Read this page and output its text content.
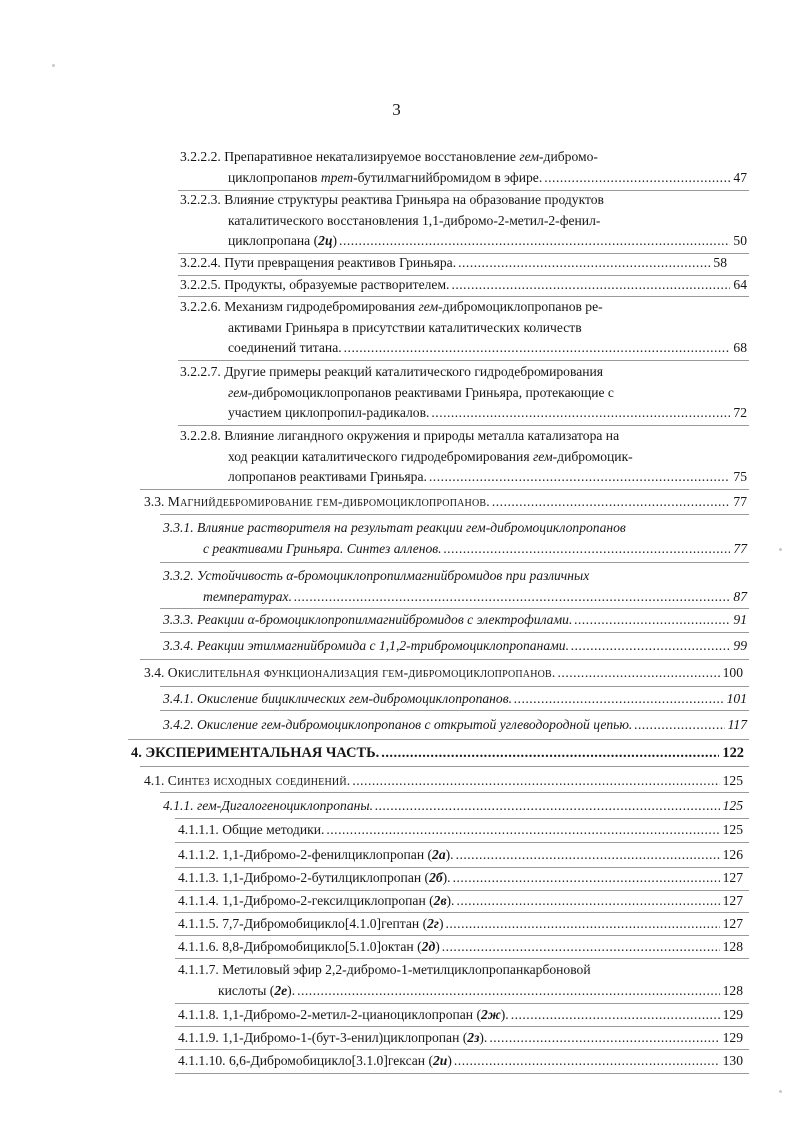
3
3.2.2.2. Препаративное некатализируемое восстановление гем-дибромо-
циклопропанов трет-бутилмагнийбромидом в эфире. .....	47
3.2.2.3. Влияние структуры реактива Гриньяра на образование продуктов
каталитического восстановления 1,1-дибромо-2-метил-2-фенил-
циклопропана (2ц) .....	50
3.2.2.4. Пути превращения реактивов Гриньяра. .....	58
3.2.2.5. Продукты, образуемые растворителем. .....	64
3.2.2.6. Механизм гидродебромирования гем-дибромоциклопропанов ре-
активами Гриньяра в присутствии каталитических количеств
соединений титана. .....	68
3.2.2.7. Другие примеры реакций каталитического гидродебромирования
гем-дибромоциклопропанов реактивами Гриньяра, протекающие с
участием циклопропил-радикалов. .....	72
3.2.2.8. Влияние лигандного окружения и природы металла катализатора на
ход реакции каталитического гидродебромирования гем-дибромоцик-
лопропанов реактивами Гриньяра. .....	75
3.3. Магнийдебромирование гем-дибромоциклопропанов. .....	77
3.3.1. Влияние растворителя на результат реакции гем-дибромоциклопропанов
с реактивами Гриньяра. Синтез алленов. .....	77
3.3.2. Устойчивость α-бромоциклопропилмагнийбромидов при различных
температурах. .....	87
3.3.3. Реакции α-бромоциклопропилмагнийбромидов с электрофилами. .....	91
3.3.4. Реакции этилмагнийбромида с 1,1,2-трибромоциклопропанами. .....	99
3.4. Окислительная функционализация гем-дибромоциклопропанов. .....	100
3.4.1. Окисление бициклических гем-дибромоциклопропанов. .....	101
3.4.2. Окисление гем-дибромоциклопропанов с открытой углеводородной цепью. .....	117
4. ЭКСПЕРИМЕНТАЛЬНАЯ ЧАСТЬ. .....	122
4.1. Синтез исходных соединений. .....	125
4.1.1. гем-Дигалогеноциклопропаны. .....	125
4.1.1.1. Общие методики. .....	125
4.1.1.2. 1,1-Дибромо-2-фенилциклопропан (2а). .....	126
4.1.1.3. 1,1-Дибромо-2-бутилциклопропан (2б). .....	127
4.1.1.4. 1,1-Дибромо-2-гексилциклопропан (2в). .....	127
4.1.1.5. 7,7-Дибромобицикло[4.1.0]гептан (2г) .....	127
4.1.1.6. 8,8-Дибромобицикло[5.1.0]октан (2д) .....	128
4.1.1.7. Метиловый эфир 2,2-дибромо-1-метилциклопропанкарбоновой
кислоты (2е). .....	128
4.1.1.8. 1,1-Дибромо-2-метил-2-цианоциклопропан (2ж). .....	129
4.1.1.9. 1,1-Дибромо-1-(бут-3-енил)циклопропан (2з). .....	129
4.1.1.10. 6,6-Дибромобицикло[3.1.0]гексан (2и) .....	130
